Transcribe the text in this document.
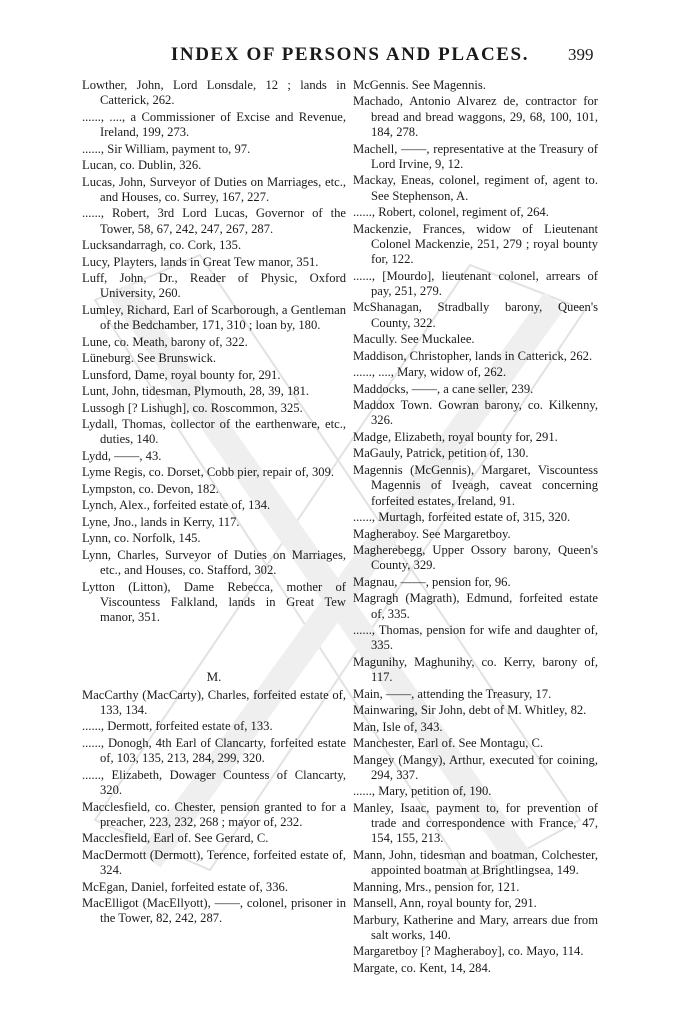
INDEX OF PERSONS AND PLACES. 399
Lowther, John, Lord Lonsdale, 12 ; lands in Catterick, 262.
......, ...., a Commissioner of Excise and Revenue, Ireland, 199, 273.
......, Sir William, payment to, 97.
Lucan, co. Dublin, 326.
Lucas, John, Surveyor of Duties on Marriages, etc., and Houses, co. Surrey, 167, 227.
......, Robert, 3rd Lord Lucas, Governor of the Tower, 58, 67, 242, 247, 267, 287.
Lucksandarragh, co. Cork, 135.
Lucy, Playters, lands in Great Tew manor, 351.
Luff, John, Dr., Reader of Physic, Oxford University, 260.
Lumley, Richard, Earl of Scarborough, a Gentleman of the Bedchamber, 171, 310 ; loan by, 180.
Lune, co. Meath, barony of, 322.
Lüneburg. See Brunswick.
Lunsford, Dame, royal bounty for, 291.
Lunt, John, tidesman, Plymouth, 28, 39, 181.
Lussogh [? Lishugh], co. Roscommon, 325.
Lydall, Thomas, collector of the earthenware, etc., duties, 140.
Lydd, ——, 43.
Lyme Regis, co. Dorset, Cobb pier, repair of, 309.
Lympston, co. Devon, 182.
Lynch, Alex., forfeited estate of, 134.
Lyne, Jno., lands in Kerry, 117.
Lynn, co. Norfolk, 145.
Lynn, Charles, Surveyor of Duties on Marriages, etc., and Houses, co. Stafford, 302.
Lytton (Litton), Dame Rebecca, mother of Viscountess Falkland, lands in Great Tew manor, 351.
M.
MacCarthy (MacCarty), Charles, forfeited estate of, 133, 134.
......, Dermott, forfeited estate of, 133.
......, Donogh, 4th Earl of Clancarty, forfeited estate of, 103, 135, 213, 284, 299, 320.
......, Elizabeth, Dowager Countess of Clancarty, 320.
Macclesfield, co. Chester, pension granted to for a preacher, 223, 232, 268 ; mayor of, 232.
Macclesfield, Earl of. See Gerard, C.
MacDermott (Dermott), Terence, forfeited estate of, 324.
McEgan, Daniel, forfeited estate of, 336.
MacElligot (MacEllyott), ——, colonel, prisoner in the Tower, 82, 242, 287.
McGennis. See Magennis.
Machado, Antonio Alvarez de, contractor for bread and bread waggons, 29, 68, 100, 101, 184, 278.
Machell, ——, representative at the Treasury of Lord Irvine, 9, 12.
Mackay, Eneas, colonel, regiment of, agent to. See Stephenson, A.
......, Robert, colonel, regiment of, 264.
Mackenzie, Frances, widow of Lieutenant Colonel Mackenzie, 251, 279 ; royal bounty for, 122.
......, [Mourdo], lieutenant colonel, arrears of pay, 251, 279.
McShanagan, Stradbally barony, Queen's County, 322.
Macully. See Muckalee.
Maddison, Christopher, lands in Catterick, 262.
......, ...., Mary, widow of, 262.
Maddocks, ——, a cane seller, 239.
Maddox Town. Gowran barony, co. Kilkenny, 326.
Madge, Elizabeth, royal bounty for, 291.
MaGauly, Patrick, petition of, 130.
Magennis (McGennis), Margaret, Viscountess Magennis of Iveagh, caveat concerning forfeited estates, Ireland, 91.
......, Murtagh, forfeited estate of, 315, 320.
Magheraboy. See Margaretboy.
Magherebegg, Upper Ossory barony, Queen's County, 329.
Magnau, ——, pension for, 96.
Magragh (Magrath), Edmund, forfeited estate of, 335.
......, Thomas, pension for wife and daughter of, 335.
Magunihy, Maghunihy, co. Kerry, barony of, 117.
Main, ——, attending the Treasury, 17.
Mainwaring, Sir John, debt of M. Whitley, 82.
Man, Isle of, 343.
Manchester, Earl of. See Montagu, C.
Mangey (Mangy), Arthur, executed for coining, 294, 337.
......, Mary, petition of, 190.
Manley, Isaac, payment to, for prevention of trade and correspondence with France, 47, 154, 155, 213.
Mann, John, tidesman and boatman, Colchester, appointed boatman at Brightlingsea, 149.
Manning, Mrs., pension for, 121.
Mansell, Ann, royal bounty for, 291.
Marbury, Katherine and Mary, arrears due from salt works, 140.
Margaretboy [? Magheraboy], co. Mayo, 114.
Margate, co. Kent, 14, 284.
